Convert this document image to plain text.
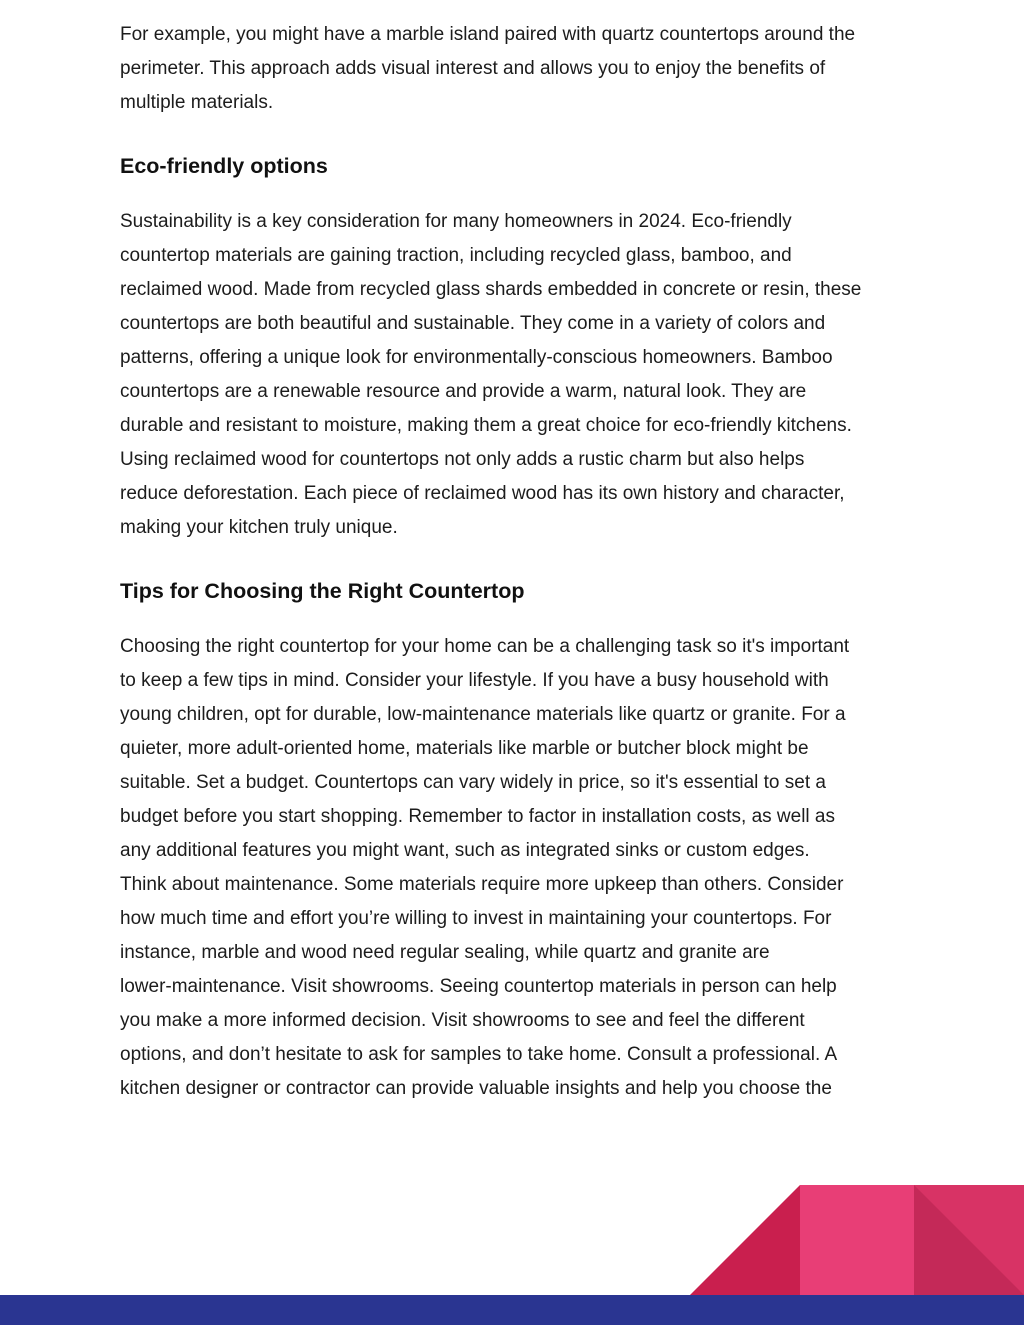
For example, you might have a marble island paired with quartz countertops around the
perimeter. This approach adds visual interest and allows you to enjoy the benefits of
multiple materials.

Eco-friendly options

Sustainability is a key consideration for many homeowners in 2024. Eco-friendly
countertop materials are gaining traction, including recycled glass, bamboo, and
reclaimed wood. Made from recycled glass shards embedded in concrete or resin, these
countertops are both beautiful and sustainable. They come in a variety of colors and
patterns, offering a unique look for environmentally-conscious homeowners. Bamboo
countertops are a renewable resource and provide a warm, natural look. They are
durable and resistant to moisture, making them a great choice for eco-friendly kitchens.
Using reclaimed wood for countertops not only adds a rustic charm but also helps
reduce deforestation. Each piece of reclaimed wood has its own history and character,
making your kitchen truly unique.

Tips for Choosing the Right Countertop

Choosing the right countertop for your home can be a challenging task so it's important
to keep a few tips in mind. Consider your lifestyle. If you have a busy household with
young children, opt for durable, low-maintenance materials like quartz or granite. For a
quieter, more adult-oriented home, materials like marble or butcher block might be
suitable. Set a budget. Countertops can vary widely in price, so it's essential to set a
budget before you start shopping. Remember to factor in installation costs, as well as
any additional features you might want, such as integrated sinks or custom edges.
Think about maintenance. Some materials require more upkeep than others. Consider
how much time and effort you’re willing to invest in maintaining your countertops. For
instance, marble and wood need regular sealing, while quartz and granite are
lower-maintenance. Visit showrooms. Seeing countertop materials in person can help
you make a more informed decision. Visit showrooms to see and feel the different
options, and don’t hesitate to ask for samples to take home. Consult a professional. A
kitchen designer or contractor can provide valuable insights and help you choose the
